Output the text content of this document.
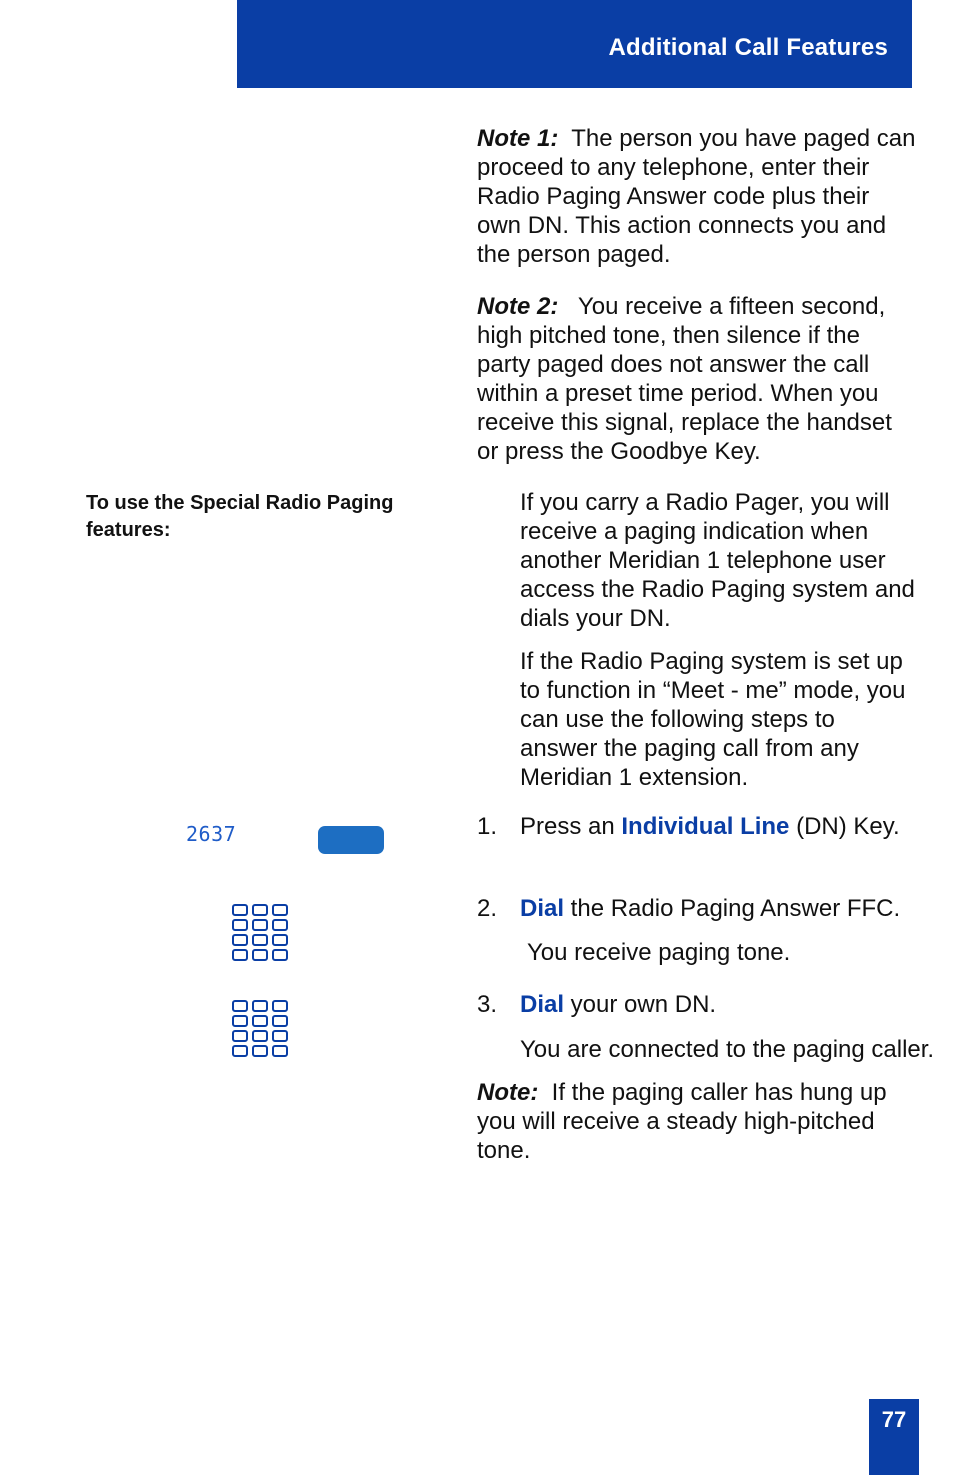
Additional Call Features

Note 1: The person you have paged can proceed to any telephone, enter their Radio Paging Answer code plus their own DN. This action connects you and the person paged.

Note 2: You receive a fifteen second, high pitched tone, then silence if the party paged does not answer the call within a preset time period. When you receive this signal, replace the handset or press the Goodbye Key.

To use the Special Radio Paging features:

If you carry a Radio Pager, you will receive a paging indication when another Meridian 1 telephone user access the Radio Paging system and dials your DN.

If the Radio Paging system is set up to function in “Meet - me” mode, you can use the following steps to answer the paging call from any Meridian 1 extension.

2637	1. Press an Individual Line (DN) Key.
2. Dial the Radio Paging Answer FFC.
You receive paging tone.
3. Dial your own DN.
You are connected to the paging caller.

Note: If the paging caller has hung up you will receive a steady high-pitched tone.

77
